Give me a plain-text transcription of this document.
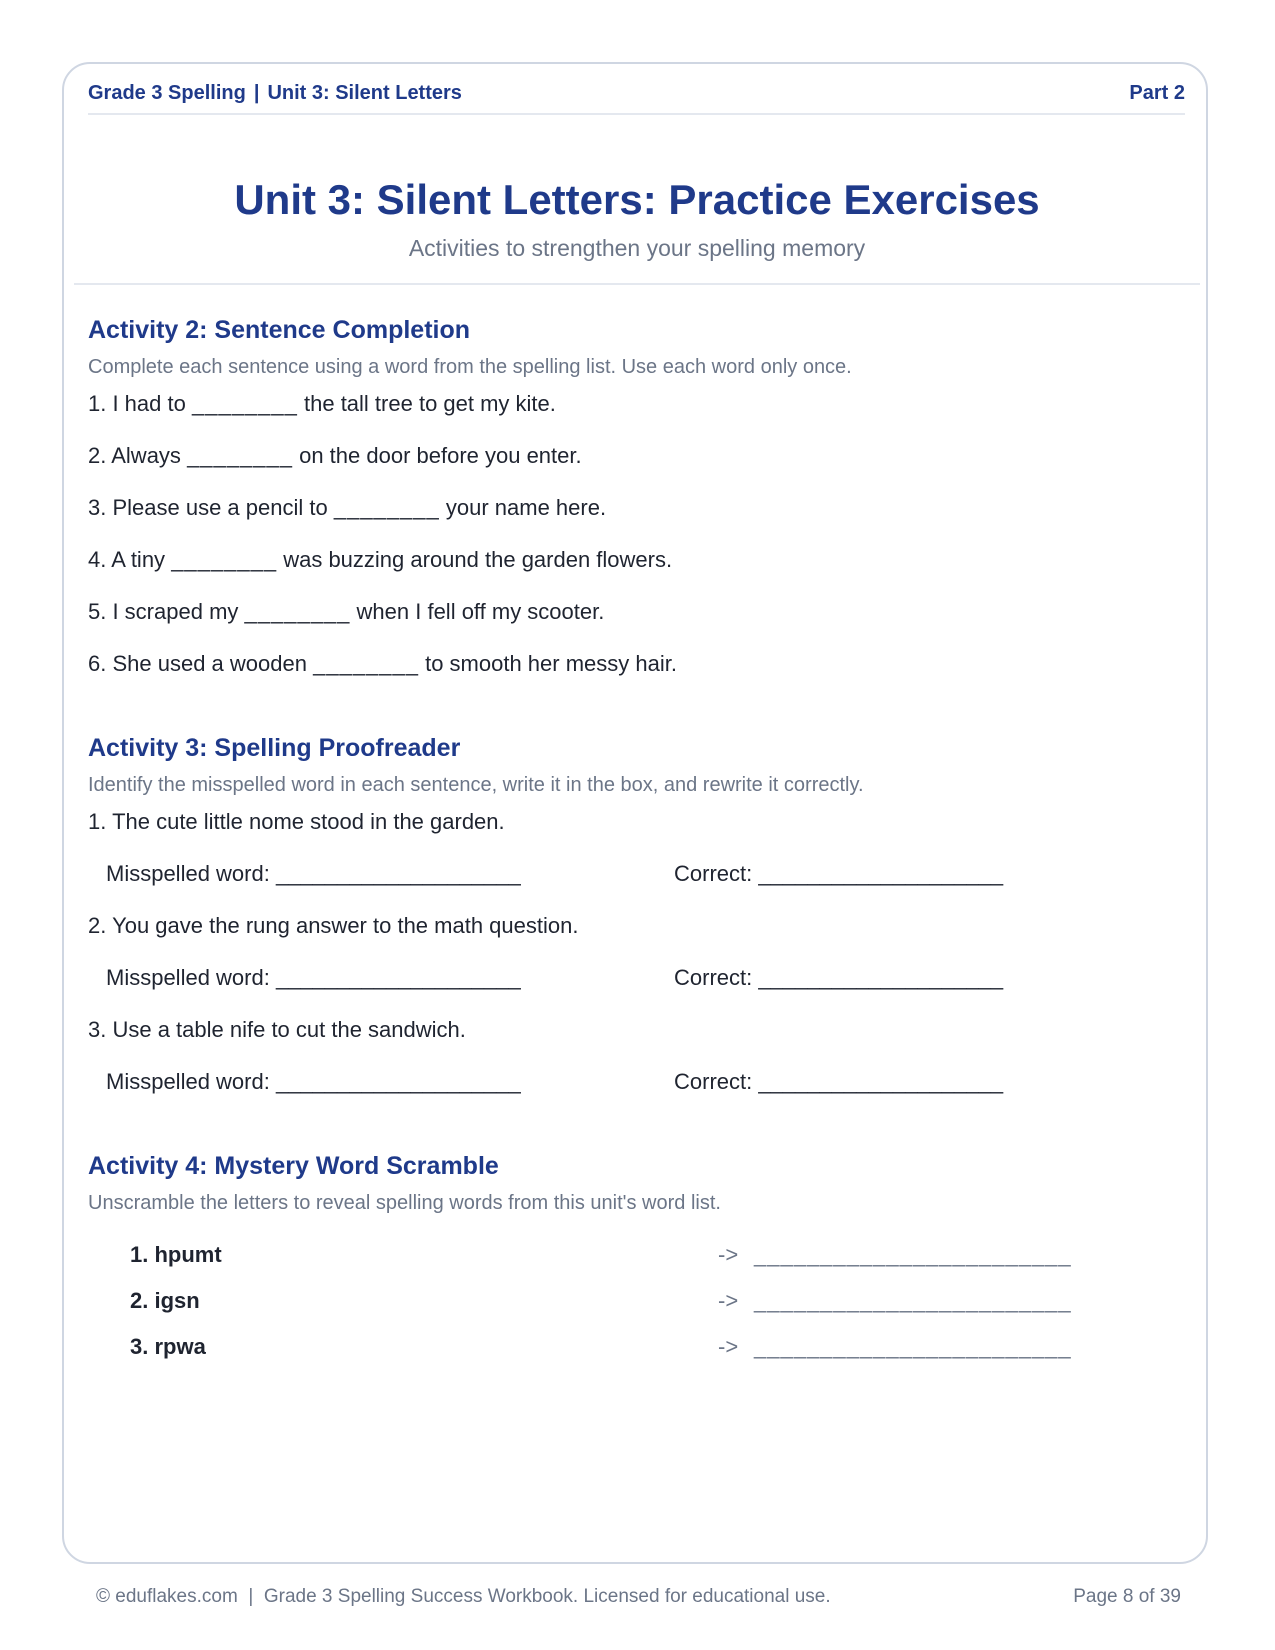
Grade 3 Spelling | Unit 3: Silent Letters	Part 2
Unit 3: Silent Letters: Practice Exercises
Activities to strengthen your spelling memory
Activity 2: Sentence Completion
Complete each sentence using a word from the spelling list. Use each word only once.
1. I had to ________ the tall tree to get my kite.
2. Always ________ on the door before you enter.
3. Please use a pencil to ________ your name here.
4. A tiny ________ was buzzing around the garden flowers.
5. I scraped my ________ when I fell off my scooter.
6. She used a wooden ________ to smooth her messy hair.
Activity 3: Spelling Proofreader
Identify the misspelled word in each sentence, write it in the box, and rewrite it correctly.
1. The cute little nome stood in the garden.
Misspelled word: ____________________	Correct: ____________________
2. You gave the rung answer to the math question.
Misspelled word: ____________________	Correct: ____________________
3. Use a table nife to cut the sandwich.
Misspelled word: ____________________	Correct: ____________________
Activity 4: Mystery Word Scramble
Unscramble the letters to reveal spelling words from this unit's word list.
1. hpumt	-> ________________________
2. igsn	-> ________________________
3. rpwa	-> ________________________
© eduflakes.com  |  Grade 3 Spelling Success Workbook. Licensed for educational use.	Page 8 of 39
